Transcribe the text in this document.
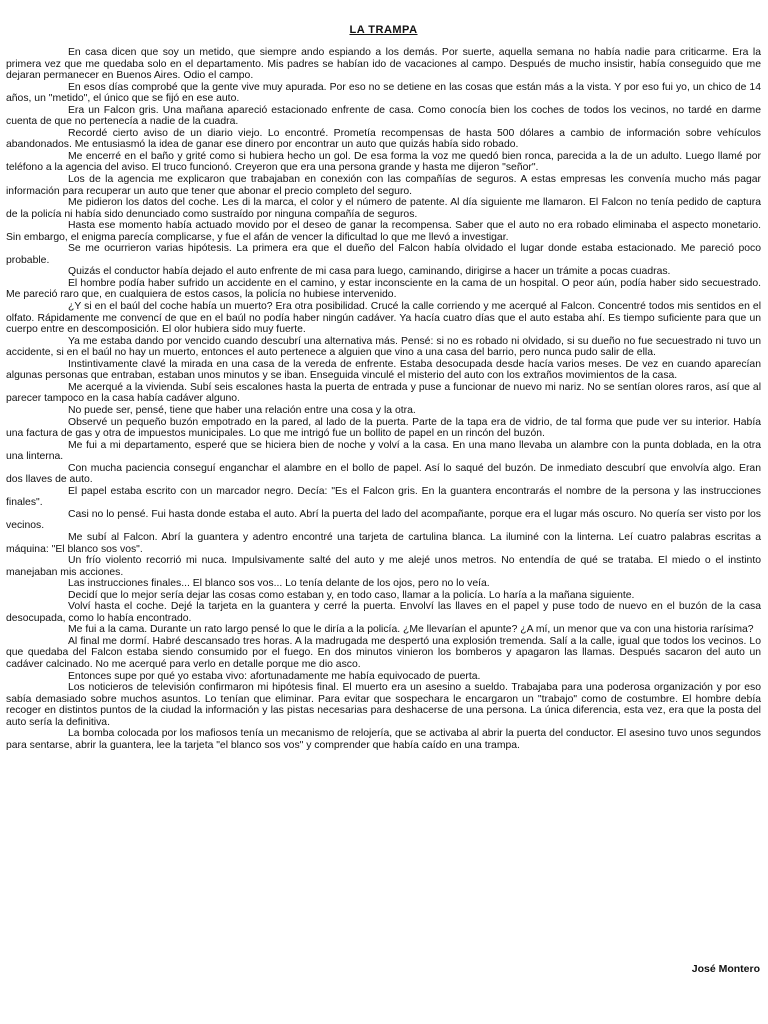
LA TRAMPA

En casa dicen que soy un metido, que siempre ando espiando a los demás. Por suerte, aquella semana no había nadie para criticarme. Era la primera vez que me quedaba solo en el departamento. Mis padres se habían ido de vacaciones al campo. Después de mucho insistir, había conseguido que me dejaran permanecer en Buenos Aires. Odio el campo.

En esos días comprobé que la gente vive muy apurada. Por eso no se detiene en las cosas que están más a la vista. Y por eso fui yo, un chico de 14 años, un "metido", el único que se fijó en ese auto.

Era un Falcon gris. Una mañana apareció estacionado enfrente de casa. Como conocía bien los coches de todos los vecinos, no tardé en darme cuenta de que no pertenecía a nadie de la cuadra.

Recordé cierto aviso de un diario viejo. Lo encontré. Prometía recompensas de hasta 500 dólares a cambio de información sobre vehículos abandonados. Me entusiasmó la idea de ganar ese dinero por encontrar un auto que quizás había sido robado.

Me encerré en el baño y grité como si hubiera hecho un gol. De esa forma la voz me quedó bien ronca, parecida a la de un adulto. Luego llamé por teléfono a la agencia del aviso. El truco funcionó. Creyeron que era una persona grande y hasta me dijeron "señor".

Los de la agencia me explicaron que trabajaban en conexión con las compañías de seguros. A estas empresas les convenía mucho más pagar información para recuperar un auto que tener que abonar el precio completo del seguro.

Me pidieron los datos del coche. Les di la marca, el color y el número de patente. Al día siguiente me llamaron. El Falcon no tenía pedido de captura de la policía ni había sido denunciado como sustraído por ninguna compañía de seguros.

Hasta ese momento había actuado movido por el deseo de ganar la recompensa. Saber que el auto no era robado eliminaba el aspecto monetario. Sin embargo, el enigma parecía complicarse, y fue el afán de vencer la dificultad lo que me llevó a investigar.

Se me ocurrieron varias hipótesis. La primera era que el dueño del Falcon había olvidado el lugar donde estaba estacionado. Me pareció poco probable.

Quizás el conductor había dejado el auto enfrente de mi casa para luego, caminando, dirigirse a hacer un trámite a pocas cuadras.

El hombre podía haber sufrido un accidente en el camino, y estar inconsciente en la cama de un hospital. O peor aún, podía haber sido secuestrado. Me pareció raro que, en cualquiera de estos casos, la policía no hubiese intervenido.

¿Y si en el baúl del coche había un muerto? Era otra posibilidad. Crucé la calle corriendo y me acerqué al Falcon. Concentré todos mis sentidos en el olfato. Rápidamente me convencí de que en el baúl no podía haber ningún cadáver. Ya hacía cuatro días que el auto estaba ahí. Es tiempo suficiente para que un cuerpo entre en descomposición. El olor hubiera sido muy fuerte.

Ya me estaba dando por vencido cuando descubrí una alternativa más. Pensé: si no es robado ni olvidado, si su dueño no fue secuestrado ni tuvo un accidente, si en el baúl no hay un muerto, entonces el auto pertenece a alguien que vino a una casa del barrio, pero nunca pudo salir de ella.

Instintivamente clavé la mirada en una casa de la vereda de enfrente. Estaba desocupada desde hacía varios meses. De vez en cuando aparecían algunas personas que entraban, estaban unos minutos y se iban. Enseguida vinculé el misterio del auto con los extraños movimientos de la casa.

Me acerqué a la vivienda. Subí seis escalones hasta la puerta de entrada y puse a funcionar de nuevo mi nariz. No se sentían olores raros, así que al parecer tampoco en la casa había cadáver alguno.

No puede ser, pensé, tiene que haber una relación entre una cosa y la otra.

Observé un pequeño buzón empotrado en la pared, al lado de la puerta. Parte de la tapa era de vidrio, de tal forma que pude ver su interior. Había una factura de gas y otra de impuestos municipales. Lo que me intrigó fue un bollito de papel en un rincón del buzón.

Me fui a mi departamento, esperé que se hiciera bien de noche y volví a la casa. En una mano llevaba un alambre con la punta doblada, en la otra una linterna.

Con mucha paciencia conseguí enganchar el alambre en el bollo de papel. Así lo saqué del buzón. De inmediato descubrí que envolvía algo. Eran dos llaves de auto.

El papel estaba escrito con un marcador negro. Decía: "Es el Falcon gris. En la guantera encontrarás el nombre de la persona y las instrucciones finales".

Casi no lo pensé. Fui hasta donde estaba el auto. Abrí la puerta del lado del acompañante, porque era el lugar más oscuro. No quería ser visto por los vecinos.

Me subí al Falcon. Abrí la guantera y adentro encontré una tarjeta de cartulina blanca. La iluminé con la linterna. Leí cuatro palabras escritas a máquina: "El blanco sos vos".

Un frío violento recorrió mi nuca. Impulsivamente salté del auto y me alejé unos metros. No entendía de qué se trataba. El miedo o el instinto manejaban mis acciones.

Las instrucciones finales... El blanco sos vos... Lo tenía delante de los ojos, pero no lo veía.

Decidí que lo mejor sería dejar las cosas como estaban y, en todo caso, llamar a la policía. Lo haría a la mañana siguiente.

Volví hasta el coche. Dejé la tarjeta en la guantera y cerré la puerta. Envolví las llaves en el papel y puse todo de nuevo en el buzón de la casa desocupada, como lo había encontrado.

Me fui a la cama. Durante un rato largo pensé lo que le diría a la policía. ¿Me llevarían el apunte? ¿A mí, un menor que va con una historia rarísima?

Al final me dormí. Habré descansado tres horas. A la madrugada me despertó una explosión tremenda. Salí a la calle, igual que todos los vecinos. Lo que quedaba del Falcon estaba siendo consumido por el fuego. En dos minutos vinieron los bomberos y apagaron las llamas. Después sacaron del auto un cadáver calcinado. No me acerqué para verlo en detalle porque me dio asco.

Entonces supe por qué yo estaba vivo: afortunadamente me había equivocado de puerta.

Los noticieros de televisión confirmaron mi hipótesis final. El muerto era un asesino a sueldo. Trabajaba para una poderosa organización y por eso sabía demasiado sobre muchos asuntos. Lo tenían que eliminar. Para evitar que sospechara le encargaron un "trabajo" como de costumbre. El hombre debía recoger en distintos puntos de la ciudad la información y las pistas necesarias para deshacerse de una persona. La única diferencia, esta vez, era que la posta del auto sería la definitiva.

La bomba colocada por los mafiosos tenía un mecanismo de relojería, que se activaba al abrir la puerta del conductor. El asesino tuvo unos segundos para sentarse, abrir la guantera, lee la tarjeta "el blanco sos vos" y comprender que había caído en una trampa.

José Montero
